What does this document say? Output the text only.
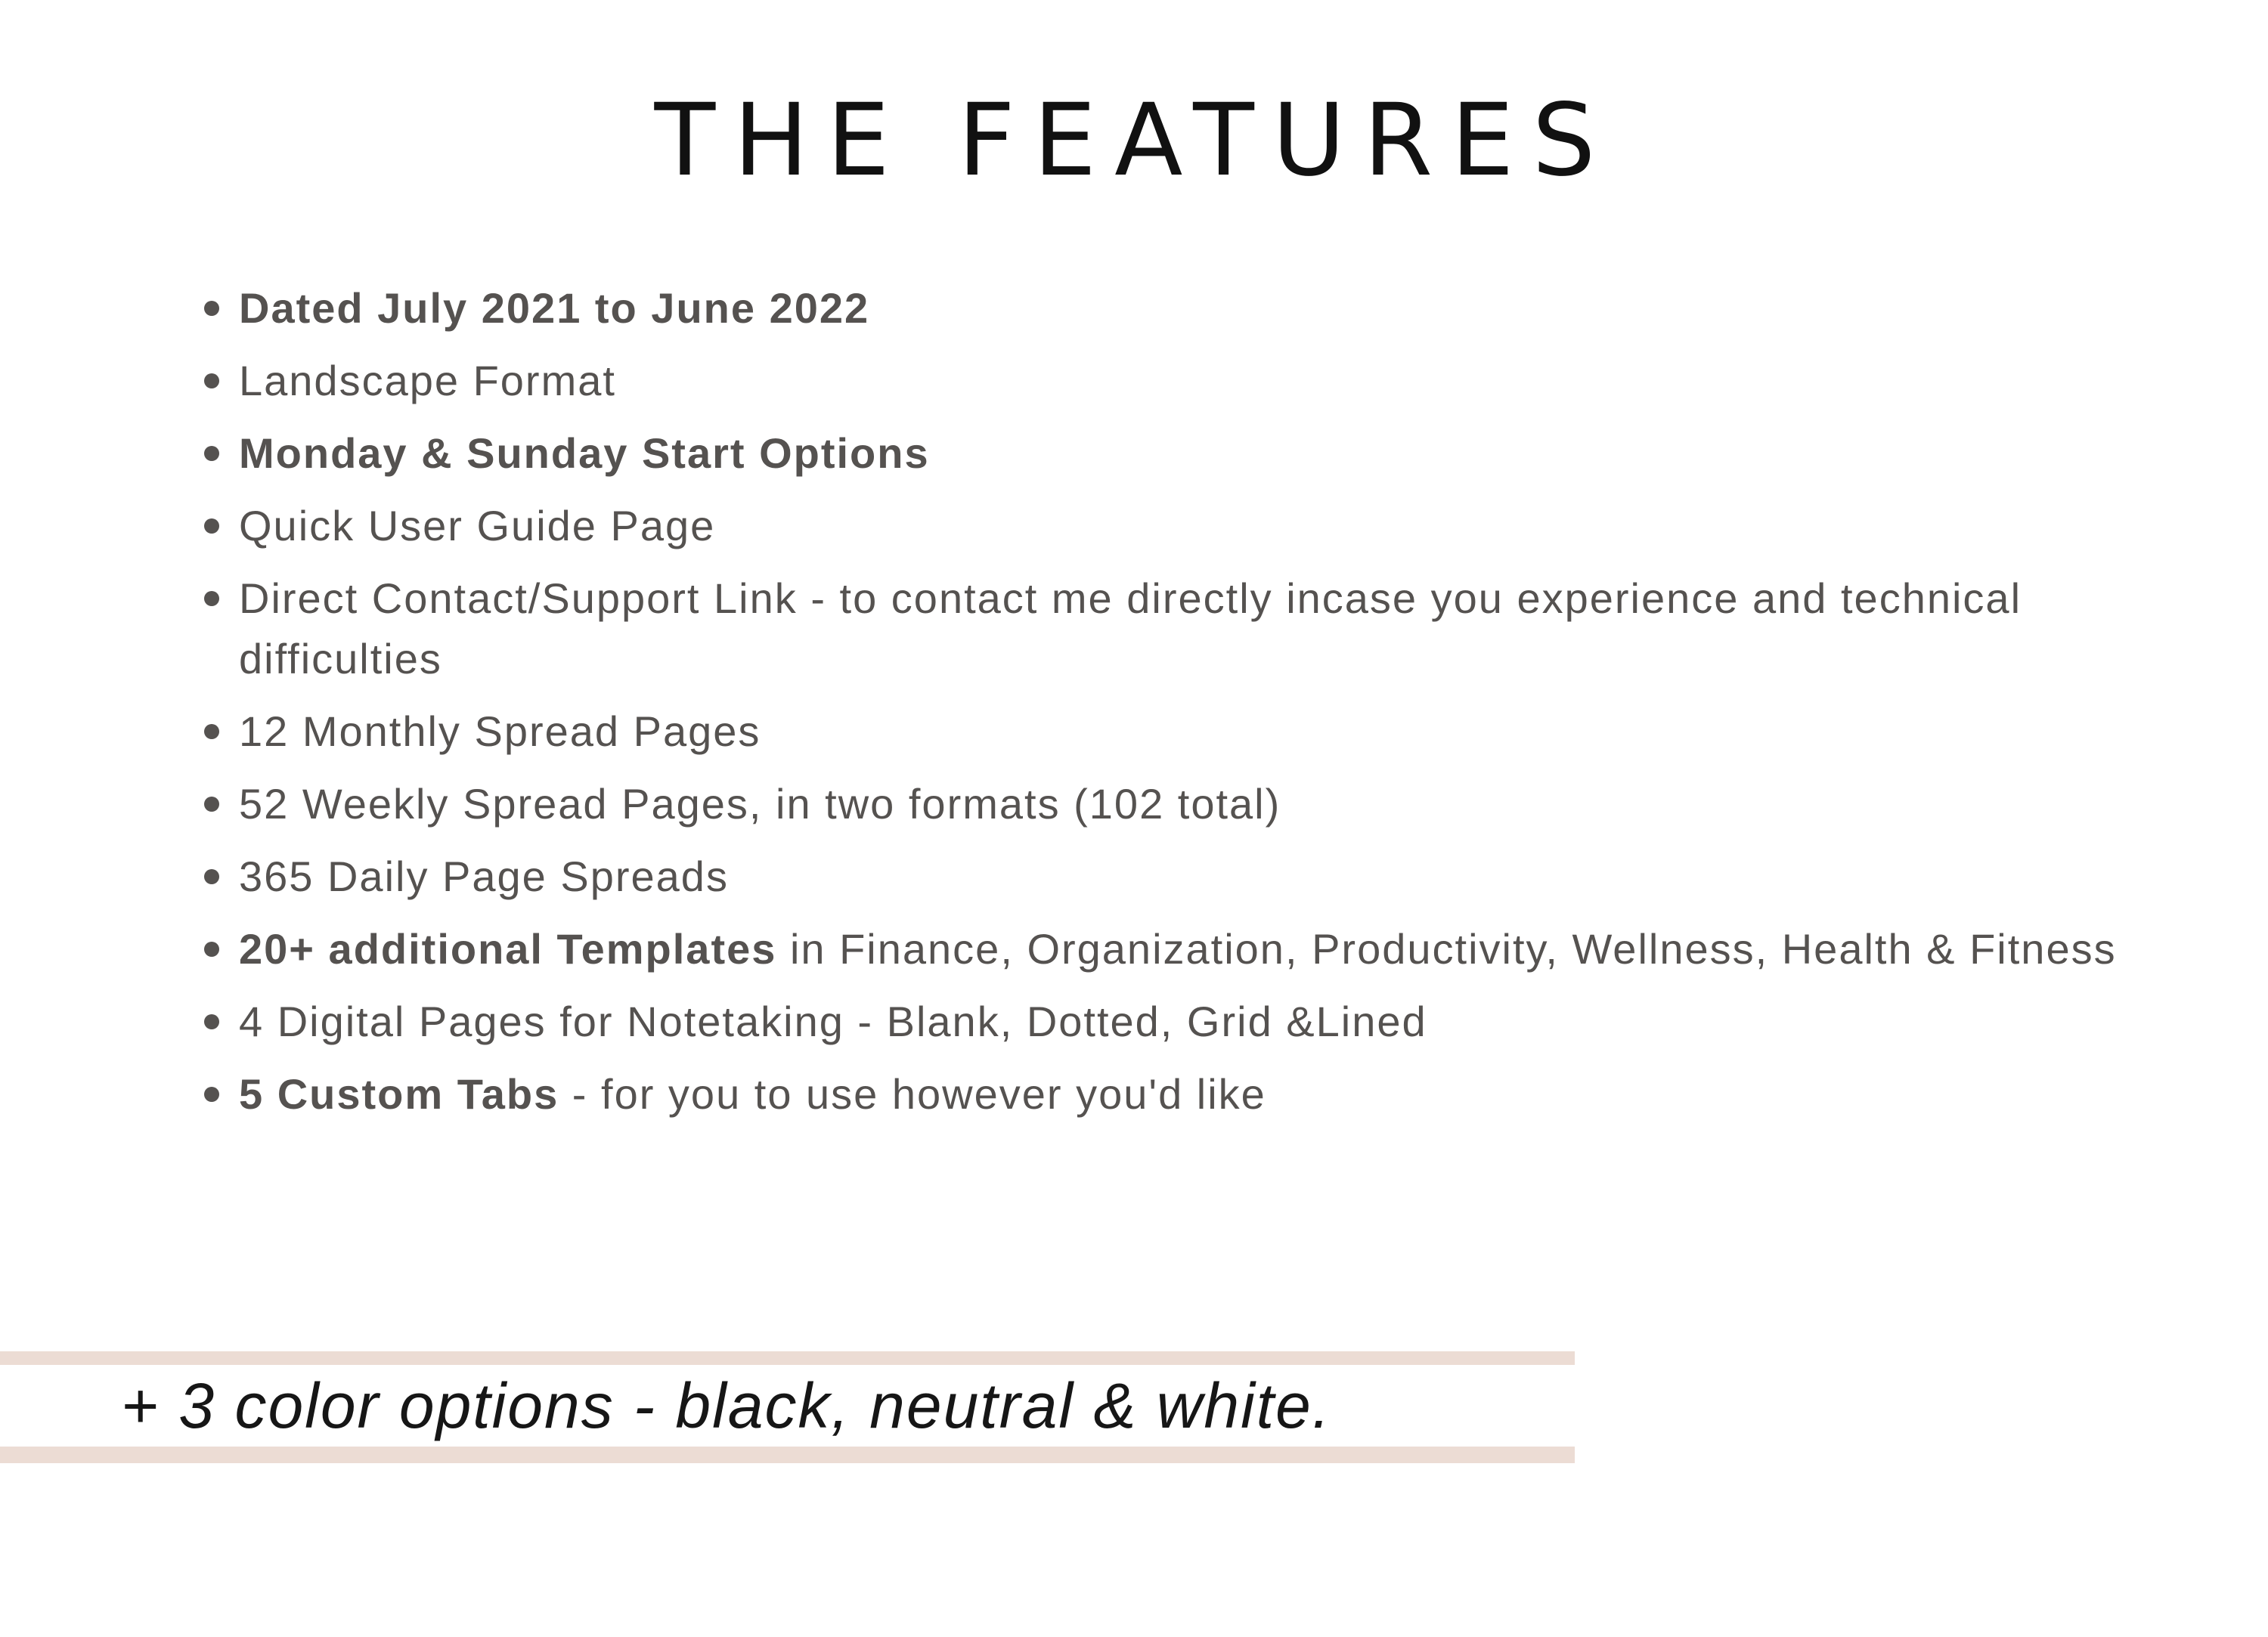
THE FEATURES
Dated July 2021 to June 2022
Landscape Format
Monday & Sunday Start Options
Quick User Guide Page
Direct Contact/Support Link - to contact me directly incase you experience and technical difficulties
12 Monthly Spread Pages
52 Weekly Spread Pages, in two formats (102 total)
365 Daily Page Spreads
20+ additional Templates in Finance, Organization, Productivity, Wellness, Health & Fitness
4 Digital Pages for Notetaking - Blank, Dotted, Grid &Lined
5 Custom Tabs - for you to use however you'd like
+ 3 color options - black, neutral & white.
